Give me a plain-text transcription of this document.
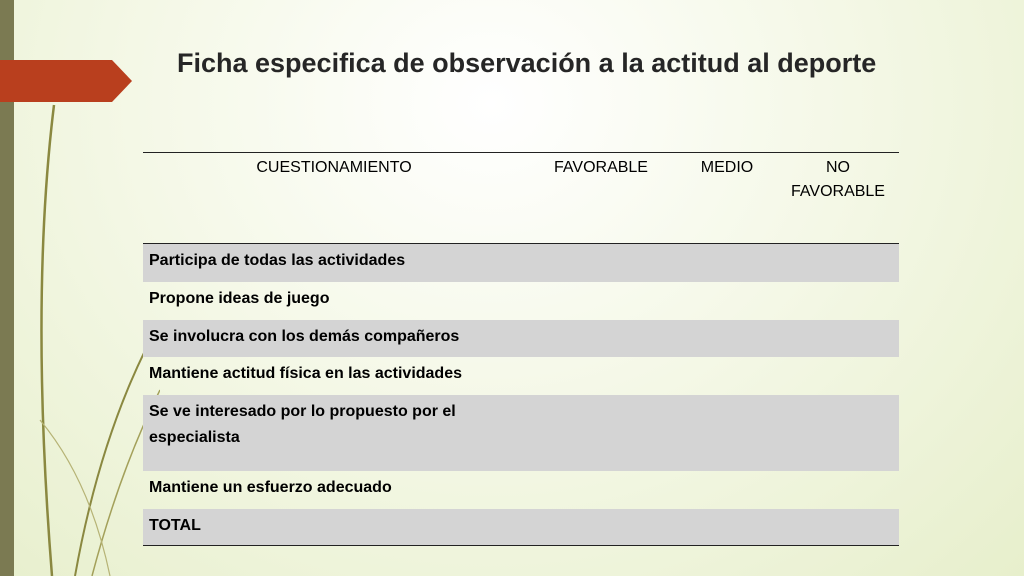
Ficha especifica de observación a la actitud al deporte
CUESTIONAMIENTO	FAVORABLE	MEDIO	NO FAVORABLE
Participa de todas las actividades			
Propone ideas de juego			
Se involucra con los demás compañeros			
Mantiene actitud física en las actividades			
Se ve interesado por lo propuesto por el especialista			
Mantiene un esfuerzo adecuado			
TOTAL			
